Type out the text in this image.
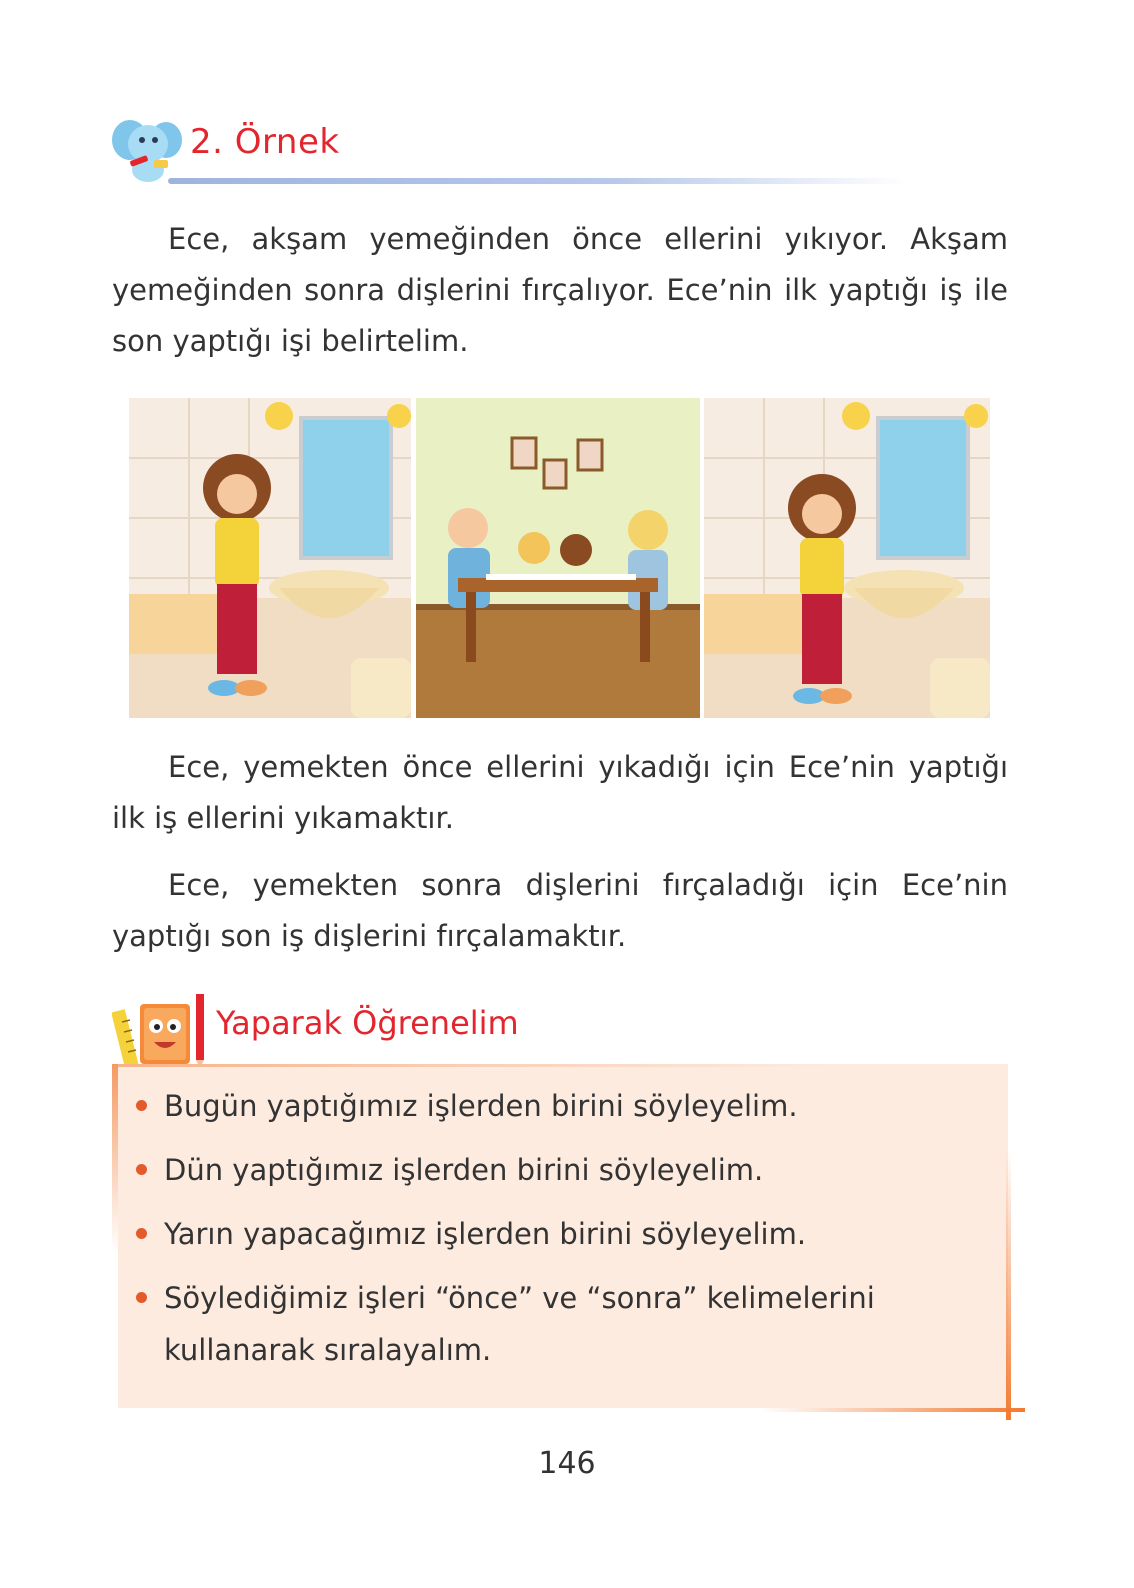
2. Örnek

Ece, akşam yemeğinden önce ellerini yıkıyor. Akşam yemeğinden sonra dişlerini fırçalıyor. Ece’nin ilk yaptığı iş ile son yaptığı işi belirtelim.

Ece, yemekten önce ellerini yıkadığı için Ece’nin yaptığı ilk iş ellerini yıkamaktır.

Ece, yemekten sonra dişlerini fırçaladığı için Ece’nin yaptığı son iş dişlerini fırçalamaktır.

Yaparak Öğrenelim
Bugün yaptığımız işlerden birini söyleyelim.
Dün yaptığımız işlerden birini söyleyelim.
Yarın yapacağımız işlerden birini söyleyelim.
Söylediğimiz işleri “önce” ve “sonra” kelimelerini kullanarak sıralayalım.
146
